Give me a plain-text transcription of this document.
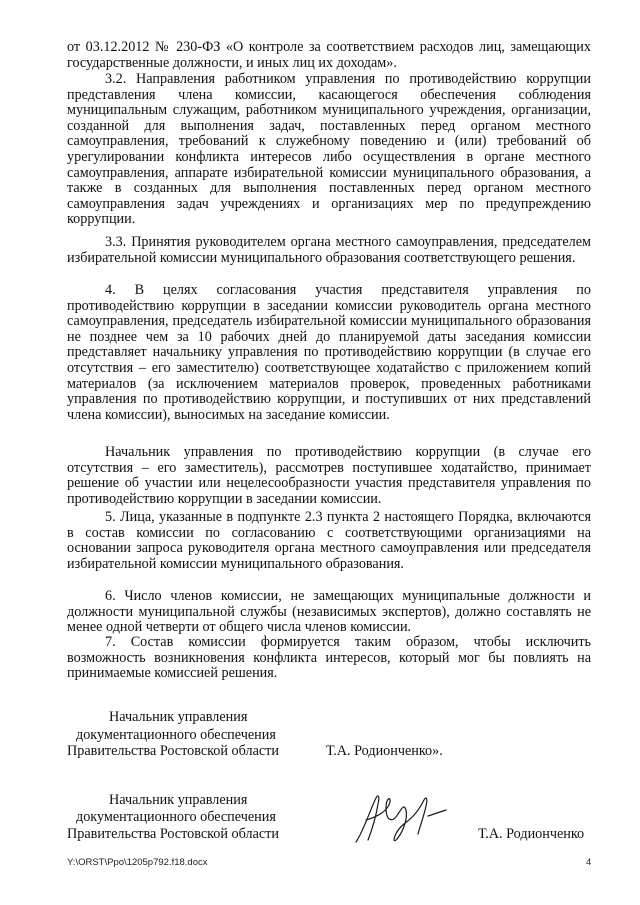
от 03.12.2012 № 230-ФЗ «О контроле за соответствием расходов лиц, замещающих государственные должности, и иных лиц их доходам».

3.2. Направления работником управления по противодействию коррупции представления члена комиссии, касающегося обеспечения соблюдения муниципальным служащим, работником муниципального учреждения, организации, созданной для выполнения задач, поставленных перед органом местного самоуправления, требований к служебному поведению и (или) требований об урегулировании конфликта интересов либо осуществления в органе местного самоуправления, аппарате избирательной комиссии муниципального образования, а также в созданных для выполнения поставленных перед органом местного самоуправления задач учреждениях и организациях мер по предупреждению коррупции.

3.3. Принятия руководителем органа местного самоуправления, председателем избирательной комиссии муниципального образования соответствующего решения.

4. В целях согласования участия представителя управления по противодействию коррупции в заседании комиссии руководитель органа местного самоуправления, председатель избирательной комиссии муниципального образования не позднее чем за 10 рабочих дней до планируемой даты заседания комиссии представляет начальнику управления по противодействию коррупции (в случае его отсутствия – его заместителю) соответствующее ходатайство с приложением копий материалов (за исключением материалов проверок, проведенных работниками управления по противодействию коррупции, и поступивших от них представлений члена комиссии), выносимых на заседание комиссии.

Начальник управления по противодействию коррупции (в случае его отсутствия – его заместитель), рассмотрев поступившее ходатайство, принимает решение об участии или нецелесообразности участия представителя управления по противодействию коррупции в заседании комиссии.

5. Лица, указанные в подпункте 2.3 пункта 2 настоящего Порядка, включаются в состав комиссии по согласованию с соответствующими организациями на основании запроса руководителя органа местного самоуправления или председателя избирательной комиссии муниципального образования.

6. Число членов комиссии, не замещающих муниципальные должности и должности муниципальной службы (независимых экспертов), должно составлять не менее одной четверти от общего числа членов комиссии.

7. Состав комиссии формируется таким образом, чтобы исключить возможность возникновения конфликта интересов, который мог бы повлиять на принимаемые комиссией решения.

Начальник управления

документационного обеспечения

Правительства Ростовской области	Т.А. Родионченко».

Начальник управления

документационного обеспечения

Правительства Ростовской области	Т.А. Родионченко

Y:\ORST\Ppo\1205p792.f18.docx	4
